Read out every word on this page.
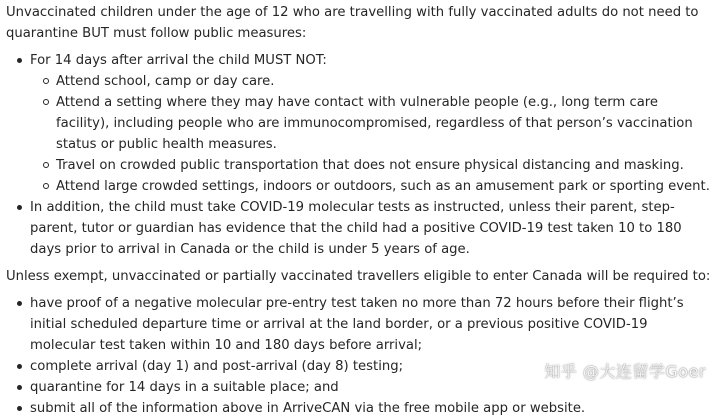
Unvaccinated children under the age of 12 who are travelling with fully vaccinated adults do not need to quarantine BUT must follow public measures:

For 14 days after arrival the child MUST NOT:
Attend school, camp or day care.
Attend a setting where they may have contact with vulnerable people (e.g., long term care facility), including people who are immunocompromised, regardless of that person’s vaccination status or public health measures.
Travel on crowded public transportation that does not ensure physical distancing and masking.
Attend large crowded settings, indoors or outdoors, such as an amusement park or sporting event.
In addition, the child must take COVID-19 molecular tests as instructed, unless their parent, step-parent, tutor or guardian has evidence that the child had a positive COVID-19 test taken 10 to 180 days prior to arrival in Canada or the child is under 5 years of age.

Unless exempt, unvaccinated or partially vaccinated travellers eligible to enter Canada will be required to:

have proof of a negative molecular pre-entry test taken no more than 72 hours before their flight’s initial scheduled departure time or arrival at the land border, or a previous positive COVID-19 molecular test taken within 10 and 180 days before arrival;
complete arrival (day 1) and post-arrival (day 8) testing;
quarantine for 14 days in a suitable place; and
submit all of the information above in ArriveCAN via the free mobile app or website.
知乎 @大连留学Goer
